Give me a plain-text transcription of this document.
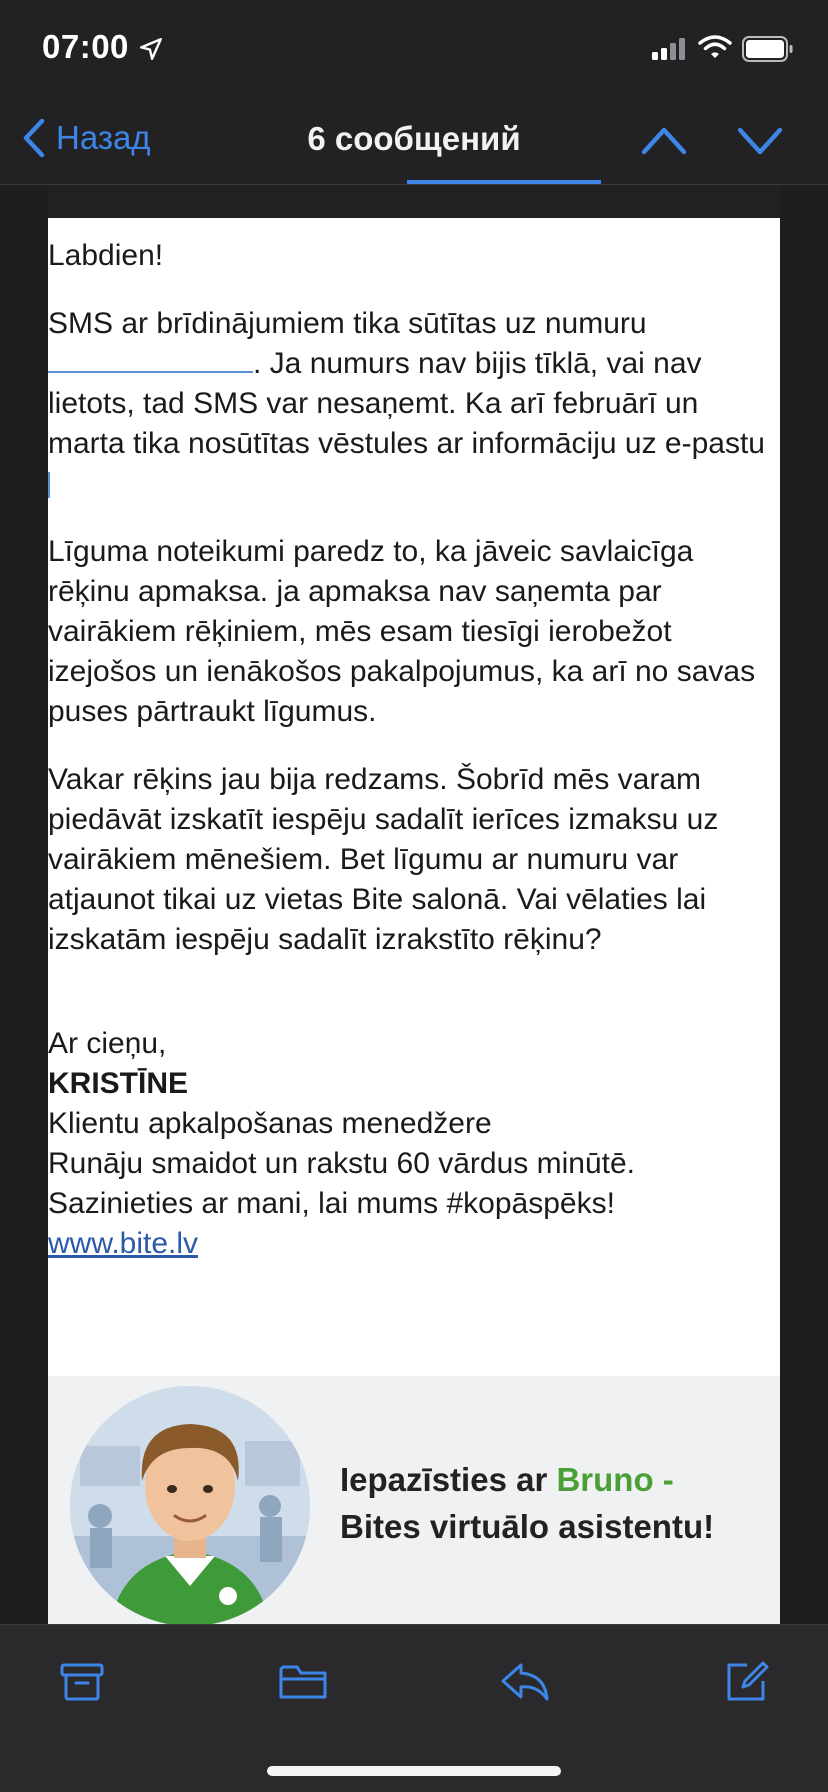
07:00
Назад	6 сообщений

Labdien!

SMS ar brīdinājumiem tika sūtītas uz numuru . Ja numurs nav bijis tīklā, vai nav lietots, tad SMS var nesaņemt. Ka arī februārī un marta tika nosūtītas vēstules ar informāciju uz e-pastu

Līguma noteikumi paredz to, ka jāveic savlaicīga rēķinu apmaksa. ja apmaksa nav saņemta par vairākiem rēķiniem, mēs esam tiesīgi ierobežot izejošos un ienākošos pakalpojumus, ka arī no savas puses pārtraukt līgumus.

Vakar rēķins jau bija redzams. Šobrīd mēs varam piedāvāt izskatīt iespēju sadalīt ierīces izmaksu uz vairākiem mēnešiem. Bet līgumu ar numuru var atjaunot tikai uz vietas Bite salonā. Vai vēlaties lai izskatām iespēju sadalīt izrakstīto rēķinu?

Ar cieņu,
KRISTĪNE
Klientu apkalpošanas menedžere
Runāju smaidot un rakstu 60 vārdus minūtē.
Sazinieties ar mani, lai mums #kopāspēks!
www.bite.lv
Iepazīsties ar Bruno -
Bites virtuālo asistentu!
